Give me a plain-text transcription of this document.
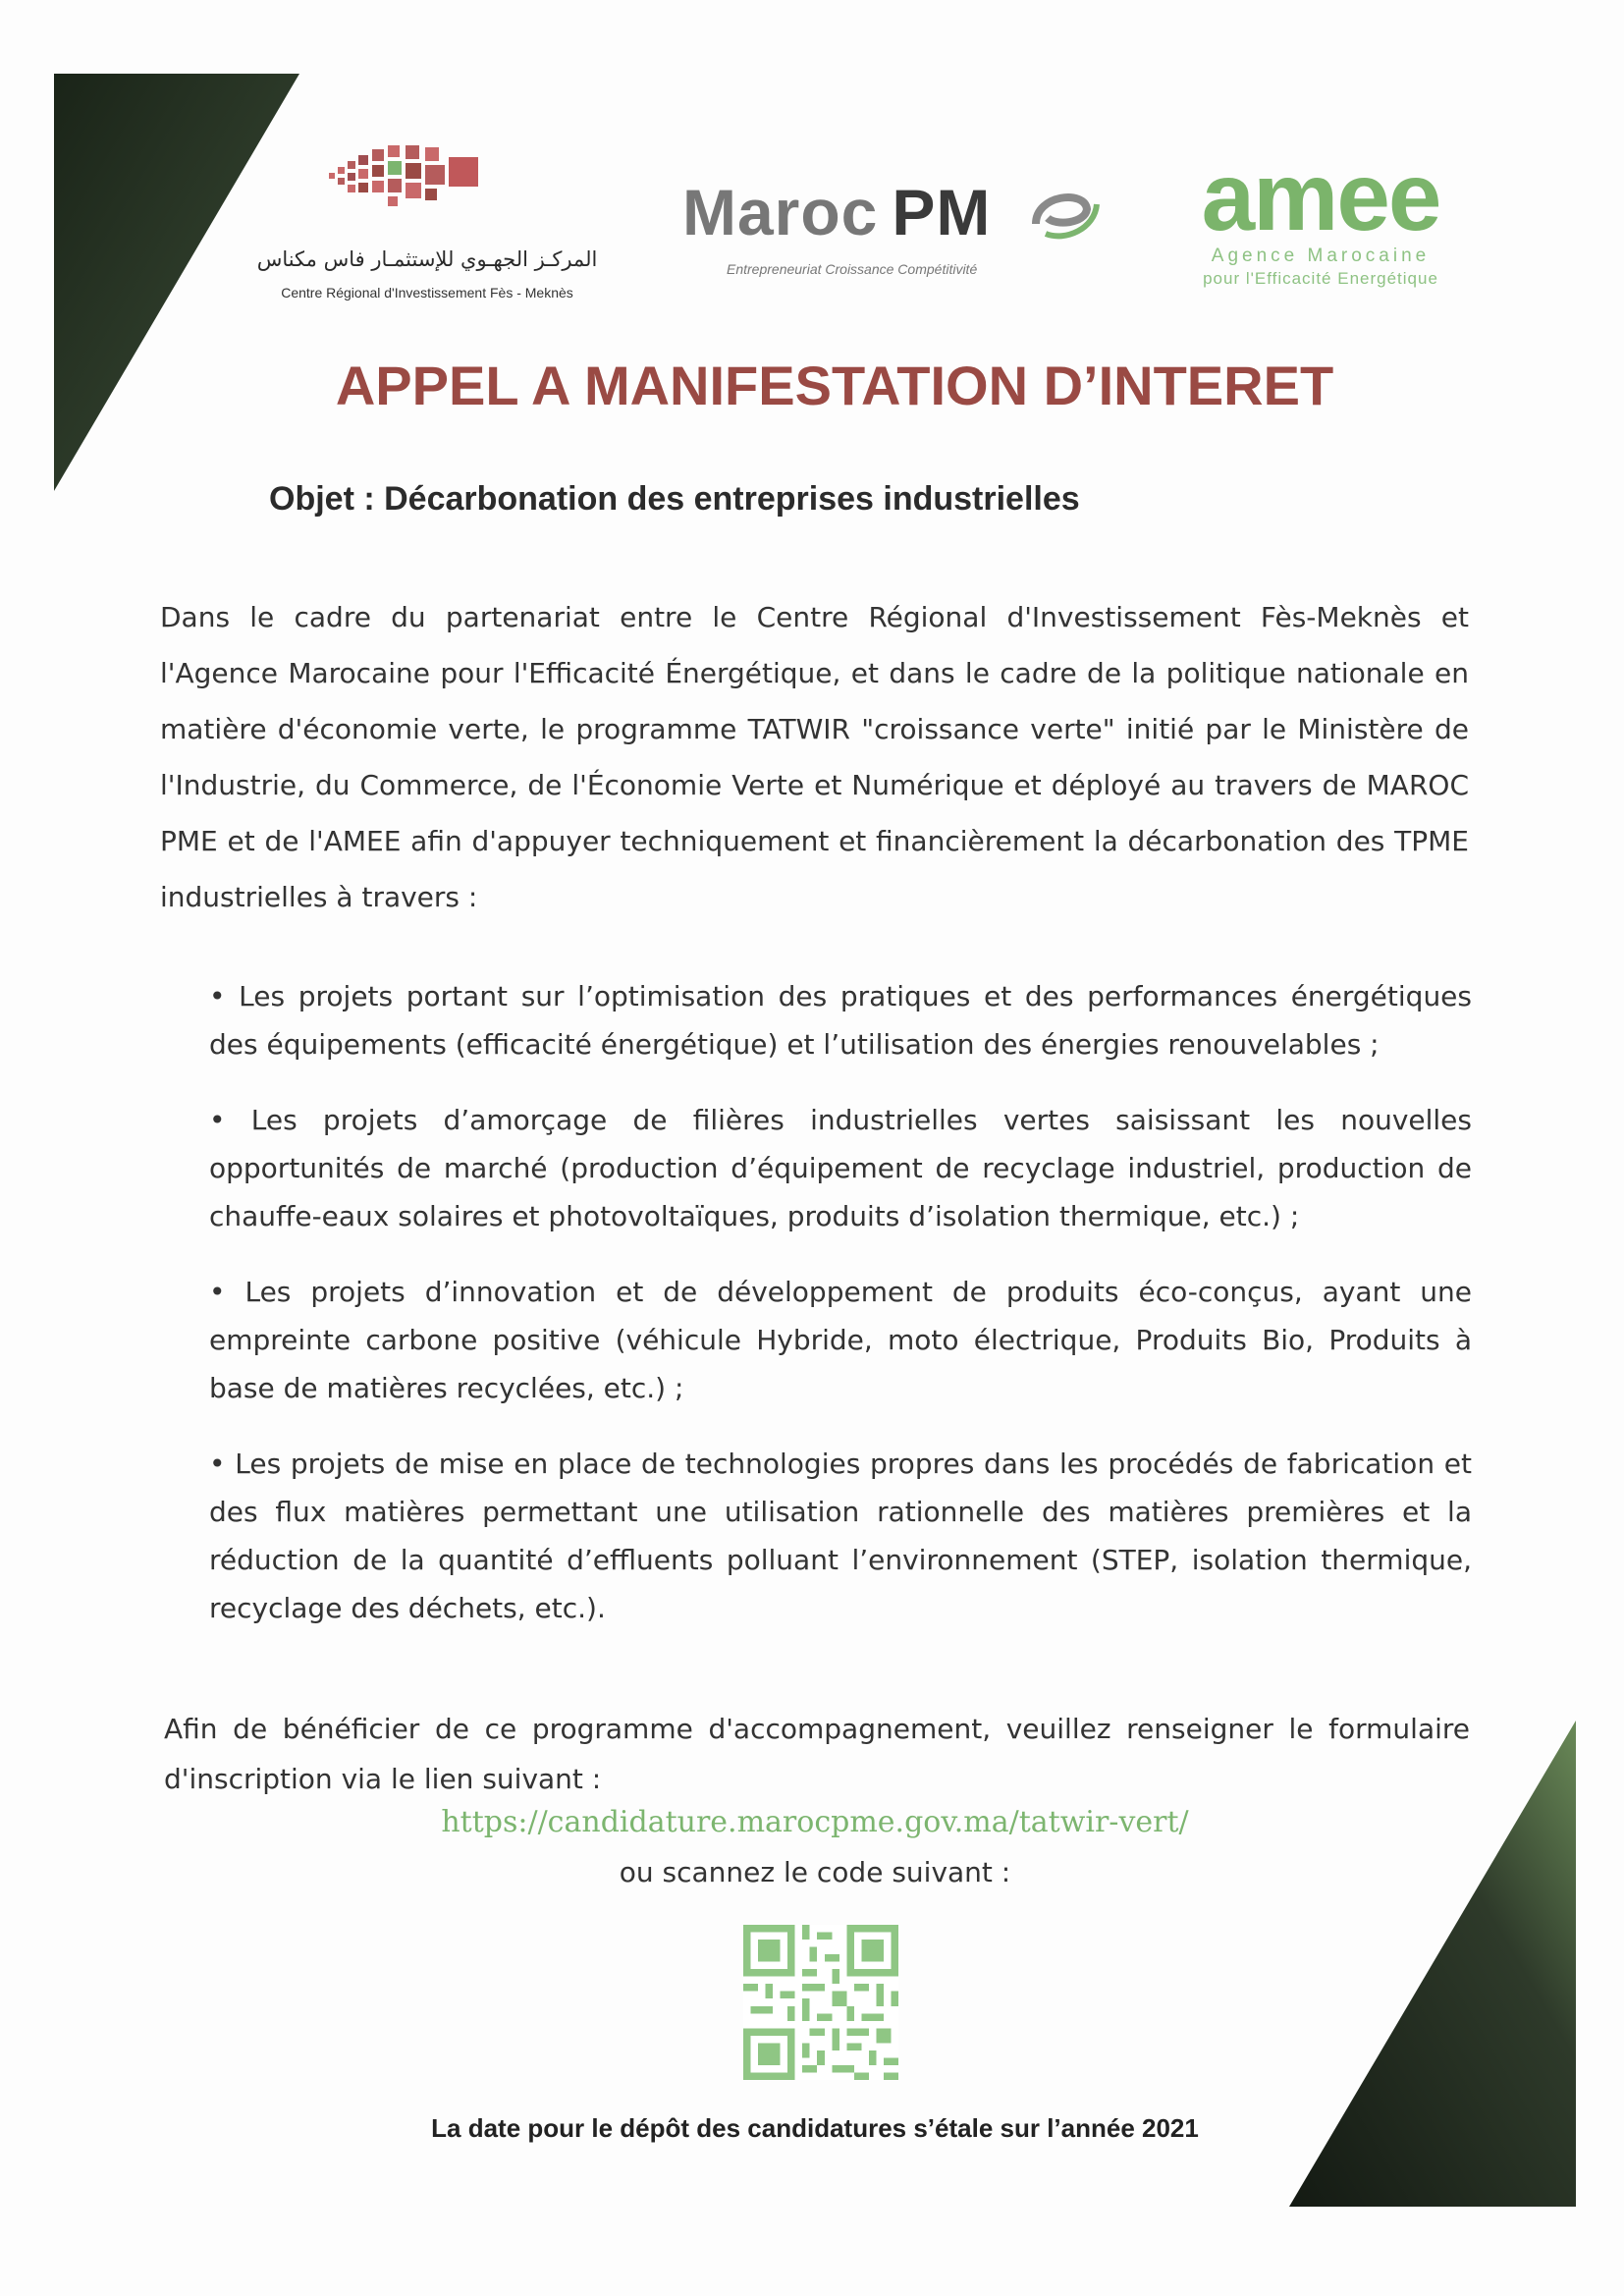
المركـز الجهـوي للإستثمـار فاس مكناس
Centre Régional d'Investissement Fès - Meknès
Maroc PM
Entrepreneuriat Croissance Compétitivité
amee
Agence Marocaine
pour l'Efficacité Energétique
APPEL A MANIFESTATION D’INTERET
Objet : Décarbonation des entreprises industrielles

Dans le cadre du partenariat entre le Centre Régional d'Investissement Fès-Meknès et l'Agence Marocaine pour l'Efficacité Énergétique, et dans le cadre de la politique nationale en matière d'économie verte, le programme TATWIR "croissance verte" initié par le Ministère de l'Industrie, du Commerce, de l'Économie Verte et Numérique et déployé au travers de MAROC PME et de l'AMEE afin d'appuyer techniquement et financièrement la décarbonation des TPME industrielles à travers :

• Les projets portant sur l’optimisation des pratiques et des performances énergétiques des équipements (efficacité énergétique) et l’utilisation des énergies renouvelables ;
• Les projets d’amorçage de filières industrielles vertes saisissant les nouvelles opportunités de marché (production d’équipement de recyclage industriel, production de chauffe-eaux solaires et photovoltaïques, produits d’isolation thermique, etc.) ;
• Les projets d’innovation et de développement de produits éco-conçus, ayant une empreinte carbone positive (véhicule Hybride, moto électrique, Produits Bio, Produits à base de matières recyclées, etc.) ;
• Les projets de mise en place de technologies propres dans les procédés de fabrication et des flux matières permettant une utilisation rationnelle des matières premières et la réduction de la quantité d’effluents polluant l’environnement (STEP, isolation thermique, recyclage des déchets, etc.).

Afin de bénéficier de ce programme d'accompagnement, veuillez renseigner le formulaire d'inscription via le lien suivant :

https://candidature.marocpme.gov.ma/tatwir-vert/
ou scannez le code suivant :

La date pour le dépôt des candidatures s’étale sur l’année 2021
